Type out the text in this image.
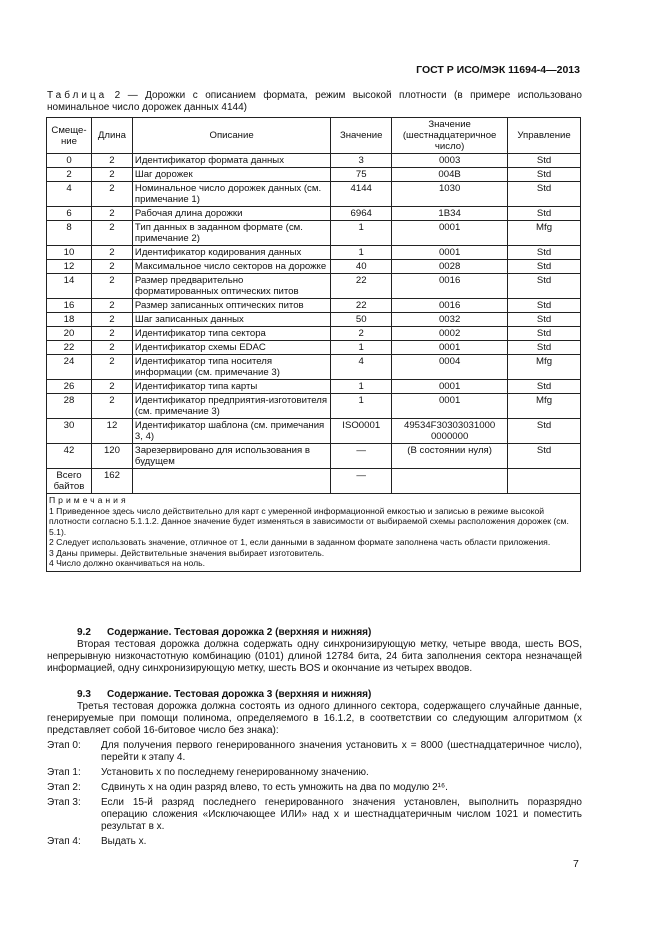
ГОСТ Р ИСО/МЭК 11694-4—2013
Таблица 2 — Дорожки с описанием формата, режим высокой плотности (в примере использовано номинальное число дорожек данных 4144)
Смеще-ние	Длина	Описание	Значение	Значение (шестнадцатеричное число)	Управление
0	2	Идентификатор формата данных	3	0003	Std
2	2	Шаг дорожек	75	004B	Std
4	2	Номинальное число дорожек данных (см. примечание 1)	4144	1030	Std
6	2	Рабочая длина дорожки	6964	1B34	Std
8	2	Тип данных в заданном формате (см. примечание 2)	1	0001	Mfg
10	2	Идентификатор кодирования данных	1	0001	Std
12	2	Максимальное число секторов на дорожке	40	0028	Std
14	2	Размер предварительно форматированных оптических питов	22	0016	Std
16	2	Размер записанных оптических питов	22	0016	Std
18	2	Шаг записанных данных	50	0032	Std
20	2	Идентификатор типа сектора	2	0002	Std
22	2	Идентификатор схемы EDAC	1	0001	Std
24	2	Идентификатор типа носителя информации (см. примечание 3)	4	0004	Mfg
26	2	Идентификатор типа карты	1	0001	Std
28	2	Идентификатор предприятия-изготовителя (см. примечание 3)	1	0001	Mfg
30	12	Идентификатор шаблона (см. примечания 3, 4)	ISO0001	49534F30303031000 0000000	Std
42	120	Зарезервировано для использования в будущем	—	(В состоянии нуля)	Std
Всего байтов	162		—		

Примечания
1 Приведенное здесь число действительно для карт с умеренной информационной емкостью и записью в режиме высокой плотности согласно 5.1.1.2. Данное значение будет изменяться в зависимости от выбираемой схемы расположения дорожек (см. 5.1).
2 Следует использовать значение, отличное от 1, если данными в заданном формате заполнена часть области приложения.
3 Даны примеры. Действительные значения выбирает изготовитель.
4 Число должно оканчиваться на ноль.					
9.2 Содержание. Тестовая дорожка 2 (верхняя и нижняя)

Вторая тестовая дорожка должна содержать одну синхронизирующую метку, четыре ввода, шесть BOS, непрерывную низкочастотную комбинацию (0101) длиной 12784 бита, 24 бита заполнения сектора незначащей информацией, одну синхронизирующую метку, шесть BOS и окончание из четырех вводов.

9.3 Содержание. Тестовая дорожка 3 (верхняя и нижняя)

Третья тестовая дорожка должна состоять из одного длинного сектора, содержащего случайные данные, генерируемые при помощи полинома, определяемого в 16.1.2, в соответствии со следующим алгоритмом (x представляет собой 16-битовое число без знака):

Этап 0:	Для получения первого генерированного значения установить x = 8000 (шестнадцатеричное число), перейти к этапу 4.
Этап 1:	Установить x по последнему генерированному значению.
Этап 2:	Сдвинуть x на один разряд влево, то есть умножить на два по модулю 2¹⁶.
Этап 3:	Если 15-й разряд последнего генерированного значения установлен, выполнить поразрядно операцию сложения «Исключающее ИЛИ» над x и шестнадцатеричным числом 1021 и поместить результат в x.
Этап 4:	Выдать x.
7
